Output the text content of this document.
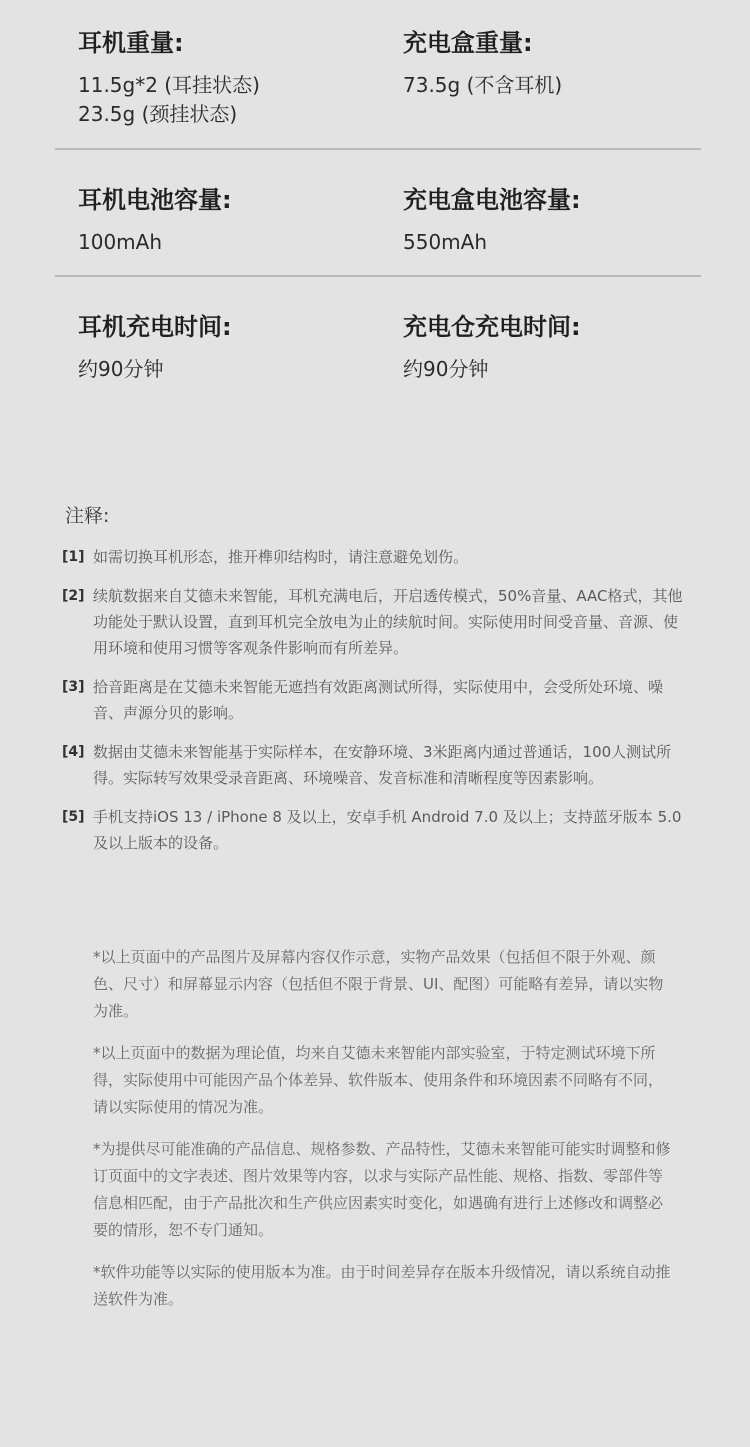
耳机重量:
11.5g*2 (耳挂状态)
23.5g (颈挂状态)
充电盒重量:
73.5g (不含耳机)
耳机电池容量:
100mAh
充电盒电池容量:
550mAh
耳机充电时间:
约90分钟
充电仓充电时间:
约90分钟
注释:
[1] 如需切换耳机形态，推开榫卯结构时，请注意避免划伤。
[2] 续航数据来自艾德未来智能，耳机充满电后，开启透传模式，50%音量、AAC格式，其他功能处于默认设置，直到耳机完全放电为止的续航时间。实际使用时间受音量、音源、使用环境和使用习惯等客观条件影响而有所差异。
[3] 拾音距离是在艾德未来智能无遮挡有效距离测试所得，实际使用中，会受所处环境、噪音、声源分贝的影响。
[4] 数据由艾德未来智能基于实际样本，在安静环境、3米距离内通过普通话，100人测试所得。实际转写效果受录音距离、环境噪音、发音标准和清晰程度等因素影响。
[5] 手机支持iOS 13 / iPhone 8 及以上，安卓手机 Android 7.0 及以上；支持蓝牙版本 5.0 及以上版本的设备。
*以上页面中的产品图片及屏幕内容仅作示意，实物产品效果（包括但不限于外观、颜色、尺寸）和屏幕显示内容（包括但不限于背景、UI、配图）可能略有差异，请以实物为准。
*以上页面中的数据为理论值，均来自艾德未来智能内部实验室，于特定测试环境下所得，实际使用中可能因产品个体差异、软件版本、使用条件和环境因素不同略有不同，请以实际使用的情况为准。
*为提供尽可能准确的产品信息、规格参数、产品特性，艾德未来智能可能实时调整和修订页面中的文字表述、图片效果等内容，以求与实际产品性能、规格、指数、零部件等信息相匹配，由于产品批次和生产供应因素实时变化，如遇确有进行上述修改和调整必要的情形，恕不专门通知。
*软件功能等以实际的使用版本为准。由于时间差异存在版本升级情况，请以系统自动推送软件为准。
